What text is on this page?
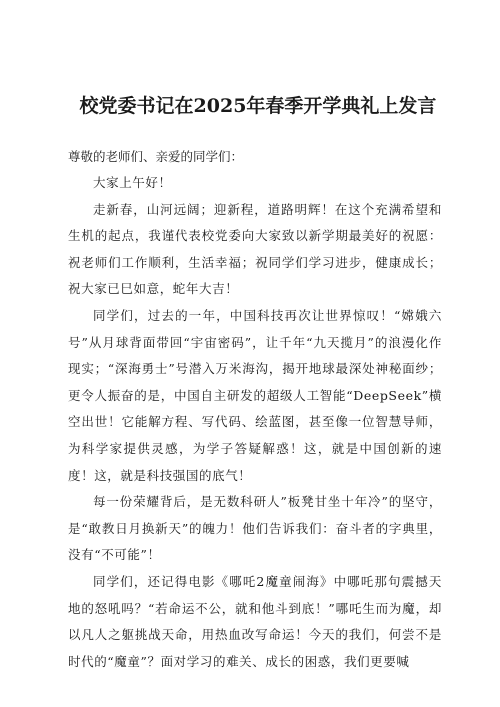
校党委书记在2025年春季开学典礼上发言

尊敬的老师们、亲爱的同学们：

大家上午好！

走新春，山河远阔；迎新程，道路明辉！在这个充满希望和生机的起点，我谨代表校党委向大家致以新学期最美好的祝愿：祝老师们工作顺利，生活幸福；祝同学们学习进步，健康成长；祝大家已巳如意，蛇年大吉！

同学们，过去的一年，中国科技再次让世界惊叹！“嫦娥六号”从月球背面带回“宇宙密码”，让千年“九天揽月”的浪漫化作现实；“深海勇士”号潜入万米海沟，揭开地球最深处神秘面纱；更令人振奋的是，中国自主研发的超级人工智能“DeepSeek”横空出世！它能解方程、写代码、绘蓝图，甚至像一位智慧导师，为科学家提供灵感，为学子答疑解惑！这，就是中国创新的速度！这，就是科技强国的底气！

每一份荣耀背后，是无数科研人”板凳甘坐十年冷”的坚守，是“敢教日月换新天”的魄力！他们告诉我们：奋斗者的字典里，没有“不可能”！

同学们，还记得电影《哪吒2魔童闹海》中哪吒那句震撼天地的怒吼吗？“若命运不公，就和他斗到底！”哪吒生而为魔，却以凡人之躯挑战天命，用热血改写命运！今天的我们，何尝不是时代的“魔童”？面对学习的难关、成长的困惑，我们更要喊
